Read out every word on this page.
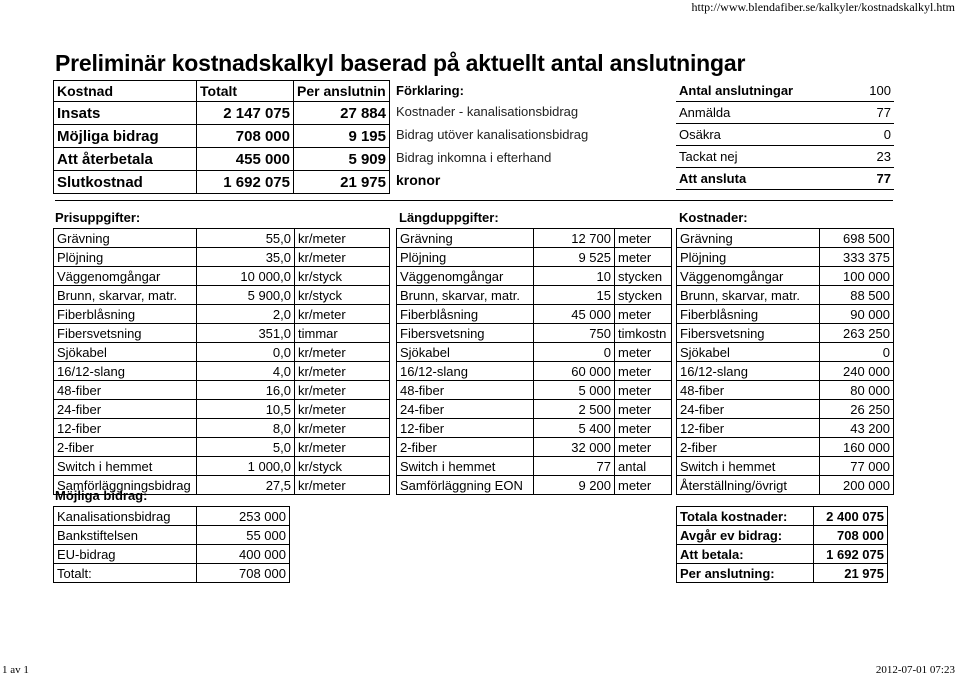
http://www.blendafiber.se/kalkyler/kostnadskalkyl.htm
Preliminär kostnadskalkyl baserad på aktuellt antal anslutningar
Kostnad	Totalt	Per anslutnin
Insats	2 147 075	27 884
Möjliga bidrag	708 000	9 195
Att återbetala	455 000	5 909
Slutkostnad	1 692 075	21 975
Förklaring:
Kostnader - kanalisationsbidrag
Bidrag utöver kanalisationsbidrag
Bidrag inkomna i efterhand
kronor
Antal anslutningar	100
Anmälda	77
Osäkra	0
Tackat nej	23
Att ansluta	77
Prisuppgifter:	Längduppgifter:	Kostnader:
Grävning	55,0	kr/meter
Plöjning	35,0	kr/meter
Väggenomgångar	10 000,0	kr/styck
Brunn, skarvar, matr.	5 900,0	kr/styck
Fiberblåsning	2,0	kr/meter
Fibersvetsning	351,0	timmar
Sjökabel	0,0	kr/meter
16/12-slang	4,0	kr/meter
48-fiber	16,0	kr/meter
24-fiber	10,5	kr/meter
12-fiber	8,0	kr/meter
2-fiber	5,0	kr/meter
Switch i hemmet	1 000,0	kr/styck
Samförläggningsbidrag	27,5	kr/meter
Grävning	12 700	meter
Plöjning	9 525	meter
Väggenomgångar	10	stycken
Brunn, skarvar, matr.	15	stycken
Fiberblåsning	45 000	meter
Fibersvetsning	750	timkostn
Sjökabel	0	meter
16/12-slang	60 000	meter
48-fiber	5 000	meter
24-fiber	2 500	meter
12-fiber	5 400	meter
2-fiber	32 000	meter
Switch i hemmet	77	antal
Samförläggning EON	9 200	meter
Grävning	698 500
Plöjning	333 375
Väggenomgångar	100 000
Brunn, skarvar, matr.	88 500
Fiberblåsning	90 000
Fibersvetsning	263 250
Sjökabel	0
16/12-slang	240 000
48-fiber	80 000
24-fiber	26 250
12-fiber	43 200
2-fiber	160 000
Switch i hemmet	77 000
Återställning/övrigt	200 000
Möjliga bidrag:
Kanalisationsbidrag	253 000
Bankstiftelsen	55 000
EU-bidrag	400 000
Totalt:	708 000
Totala kostnader:	2 400 075
Avgår ev bidrag:	708 000
Att betala:	1 692 075
Per anslutning:	21 975
1 av 1	2012-07-01 07:23
